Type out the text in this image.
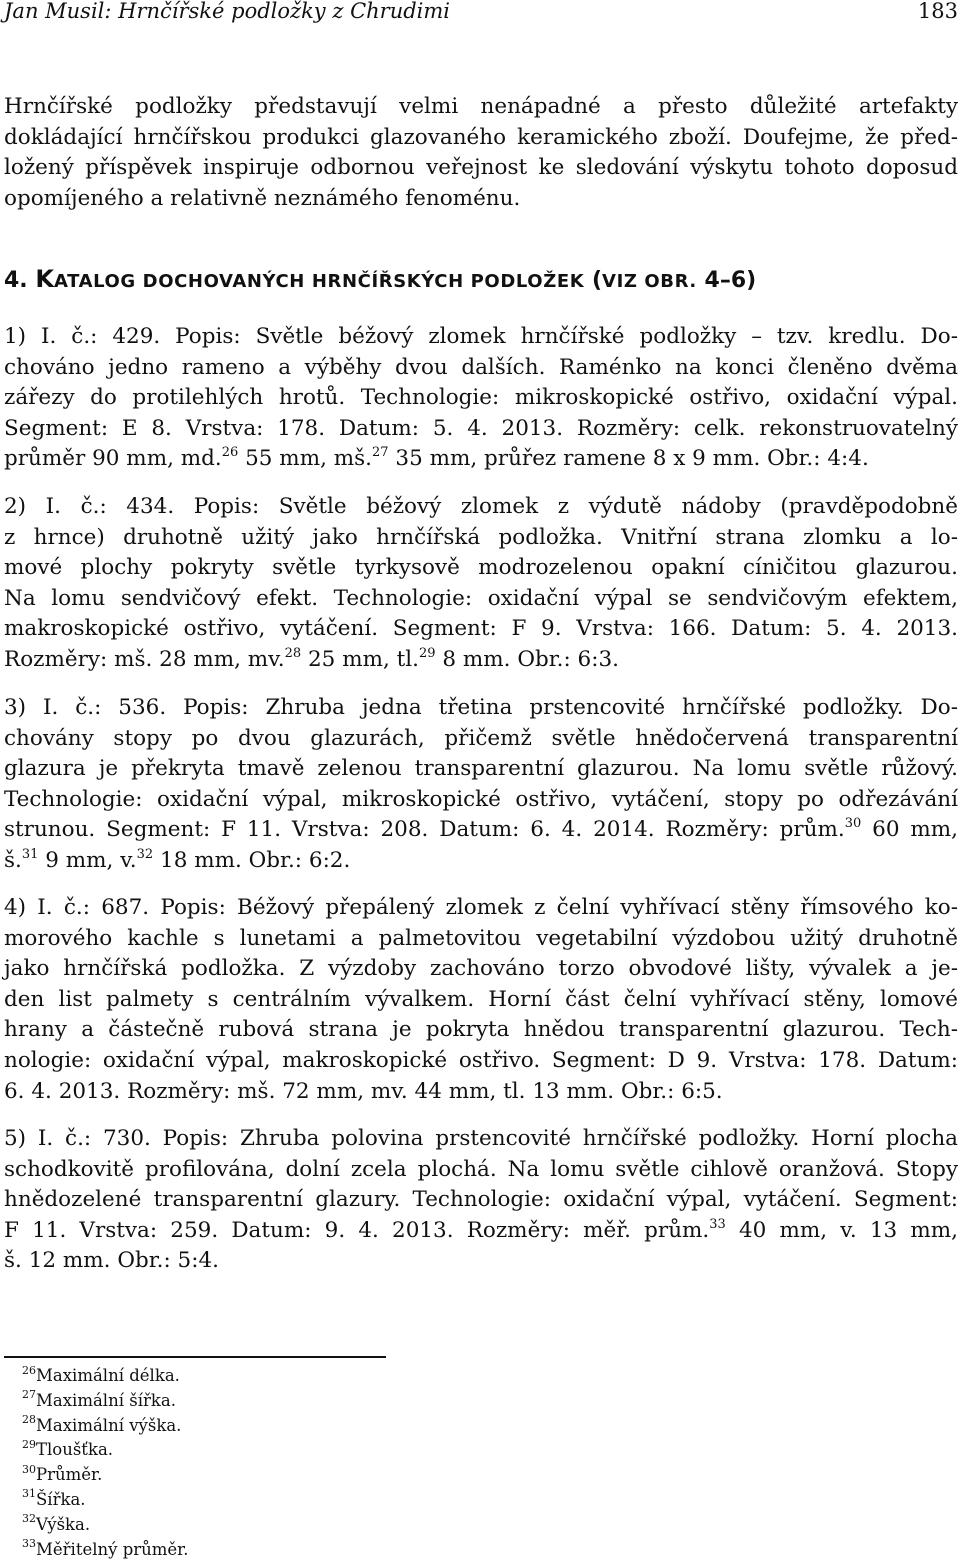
Jan Musil: Hrnčířské podložky z Chrudimi	183
Hrnčířské podložky představují velmi nenápadné a přesto důležité artefakty
dokládající hrnčířskou produkci glazovaného keramického zboží. Doufejme, že před-
ložený příspěvek inspiruje odbornou veřejnost ke sledování výskytu tohoto doposud
opomíjeného a relativně neznámého fenoménu.
4. KATALOG DOCHOVANÝCH HRNČÍŘSKÝCH PODLOŽEK (VIZ OBR. 4–6)
1) I. č.: 429. Popis: Světle béžový zlomek hrnčířské podložky – tzv. kredlu. Do-
chováno jedno rameno a výběhy dvou dalších. Raménko na konci členěno dvěma
zářezy do protilehlých hrotů. Technologie: mikroskopické ostřivo, oxidační výpal.
Segment: E 8. Vrstva: 178. Datum: 5. 4. 2013. Rozměry: celk. rekonstruovatelný
průměr 90 mm, md.$^{26}$ 55 mm, mš.$^{27}$ 35 mm, průřez ramene 8 x 9 mm. Obr.: 4:4.
2) I. č.: 434. Popis: Světle béžový zlomek z výdutě nádoby (pravděpodobně
z hrnce) druhotně užitý jako hrnčířská podložka. Vnitřní strana zlomku a lo-
mové plochy pokryty světle tyrkysově modrozelenou opakní cíničitou glazurou.
Na lomu sendvičový efekt. Technologie: oxidační výpal se sendvičovým efektem,
makroskopické ostřivo, vytáčení. Segment: F 9. Vrstva: 166. Datum: 5. 4. 2013.
Rozměry: mš. 28 mm, mv.$^{28}$ 25 mm, tl.$^{29}$ 8 mm. Obr.: 6:3.
3) I. č.: 536. Popis: Zhruba jedna třetina prstencovité hrnčířské podložky. Do-
chovány stopy po dvou glazurách, přičemž světle hnědočervená transparentní
glazura je překryta tmavě zelenou transparentní glazurou. Na lomu světle růžový.
Technologie: oxidační výpal, mikroskopické ostřivo, vytáčení, stopy po odřezávání
strunou. Segment: F 11. Vrstva: 208. Datum: 6. 4. 2014. Rozměry: prům.$^{30}$ 60 mm,
š.$^{31}$ 9 mm, v.$^{32}$ 18 mm. Obr.: 6:2.
4) I. č.: 687. Popis: Béžový přepálený zlomek z čelní vyhřívací stěny římsového ko-
morového kachle s lunetami a palmetovitou vegetabilní výzdobou užitý druhotně
jako hrnčířská podložka. Z výzdoby zachováno torzo obvodové lišty, vývalek a je-
den list palmety s centrálním vývalkem. Horní část čelní vyhřívací stěny, lomové
hrany a částečně rubová strana je pokryta hnědou transparentní glazurou. Tech-
nologie: oxidační výpal, makroskopické ostřivo. Segment: D 9. Vrstva: 178. Datum:
6. 4. 2013. Rozměry: mš. 72 mm, mv. 44 mm, tl. 13 mm. Obr.: 6:5.
5) I. č.: 730. Popis: Zhruba polovina prstencovité hrnčířské podložky. Horní plocha
schodkovitě profilována, dolní zcela plochá. Na lomu světle cihlově oranžová. Stopy
hnědozelené transparentní glazury. Technologie: oxidační výpal, vytáčení. Segment:
F 11. Vrstva: 259. Datum: 9. 4. 2013. Rozměry: měř. prům.$^{33}$ 40 mm, v. 13 mm,
š. 12 mm. Obr.: 5:4.
$^{26}$Maximální délka.
$^{27}$Maximální šířka.
$^{28}$Maximální výška.
$^{29}$Tloušťka.
$^{30}$Průměr.
$^{31}$Šířka.
$^{32}$Výška.
$^{33}$Měřitelný průměr.
